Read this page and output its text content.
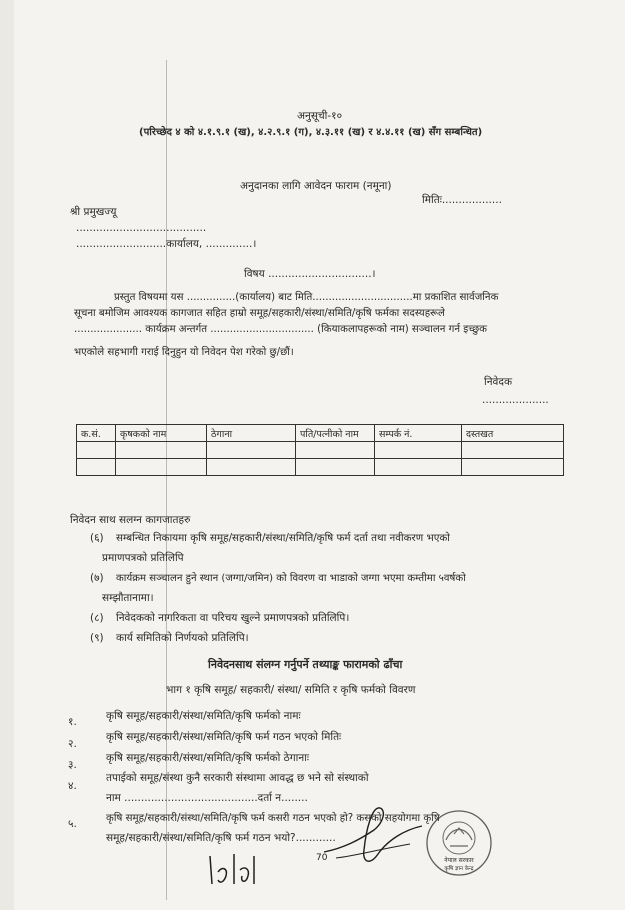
अनुसूची-१०
(परिच्छेद ४ को ४.१.९.१ (ख), ४.२.९.१ (ग), ४.३.११ (ख) र ४.४.११ (ख) सँग सम्बन्धित)
अनुदानका लागि आवेदन फाराम (नमूना)
मितिः..................
श्री प्रमुखज्यू
.......................................
...........................कार्यालय, ..............।
विषय ...............................।
प्रस्तुत विषयमा यस ...............(कार्यालय) बाट मिति...............................मा प्रकाशित सार्वजनिक
सूचना बमोजिम आवश्यक कागजात सहित हाम्रो समूह/सहकारी/संस्था/समिति/कृषि फर्मका सदस्यहरूले
..................... कार्यक्रम अन्तर्गत ................................ (कियाकलापहरूको नाम) सञ्चालन गर्न इच्छुक
भएकोले सहभागी गराई दिनुहुन यो निवेदन पेश गरेको छु/छौं।
निवेदक
....................
क.सं.	कृषकको नाम	ठेगाना	पति/पत्नीको नाम	सम्पर्क नं.	दस्तखत

निवेदन साथ सलग्न कागजातहरु
(६) सम्बन्धित निकायमा कृषि समूह/सहकारी/संस्था/समिति/कृषि फर्म दर्ता तथा नवीकरण भएको
प्रमाणपत्रको प्रतिलिपि
(७) कार्यक्रम सञ्चालन हुने स्थान (जग्गा/जमिन) को विवरण वा भाडाको जग्गा भएमा कम्तीमा ५वर्षको
सम्झौतानामा।
(८) निवेदकको नागरिकता वा परिचय खुल्ने प्रमाणपत्रको प्रतिलिपि।
(९) कार्य समितिको निर्णयको प्रतिलिपि।
निवेदनसाथ संलग्न गर्नुपर्ने तथ्याङ्क फारामको ढाँचा
भाग १ कृषि समूह/ सहकारी/ संस्था/ समिति र कृषि फर्मको विवरण
१.	कृषि समूह/सहकारी/संस्था/समिति/कृषि फर्मको नामः
२.
कृषि समूह/सहकारी/संस्था/समिति/कृषि फर्म गठन भएको मितिः
३.
कृषि समूह/सहकारी/संस्था/समिति/कृषि फर्मको ठेगानाः
४.
तपाईको समूह/संस्था कुनै सरकारी संस्थामा आवद्ध छ भने सो संस्थाको
नाम ........................................दर्ता न........
५.	कृषि समूह/सहकारी/संस्था/समिति/कृषि फर्म कसरी गठन भएको हो? कसको सहयोगमा कृषि
समूह/सहकारी/संस्था/समिति/कृषि फर्म गठन भयो?............
70	नेपाल सरकार
कृषि ज्ञान केन्द्र
